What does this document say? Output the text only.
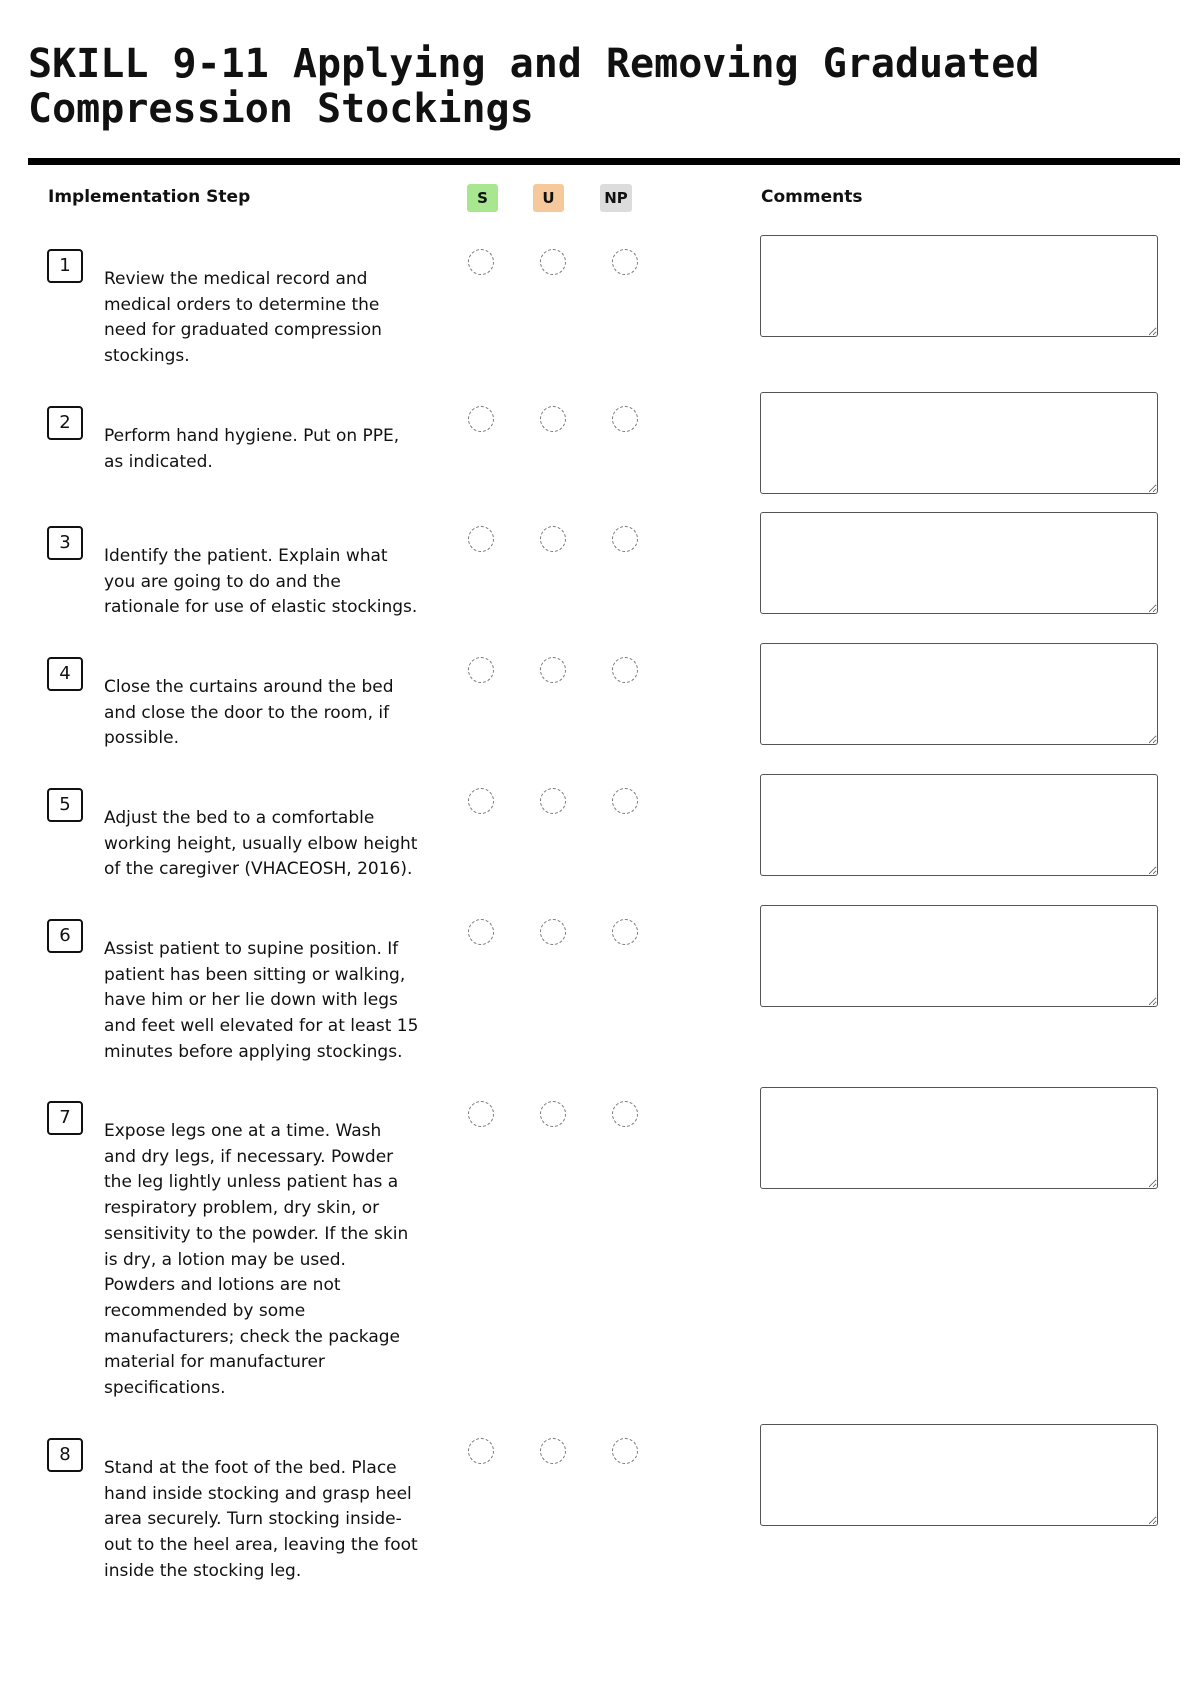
SKILL 9-11 Applying and Removing Graduated Compression Stockings
Implementation Step	S	U	NP	Comments
1

Review the medical record and
medical orders to determine the
need for graduated compression
stockings.

2

Perform hand hygiene. Put on PPE,
as indicated.

3

Identify the patient. Explain what
you are going to do and the
rationale for use of elastic stockings.

4

Close the curtains around the bed
and close the door to the room, if
possible.

5

Adjust the bed to a comfortable
working height, usually elbow height
of the caregiver (VHACEOSH, 2016).

6

Assist patient to supine position. If
patient has been sitting or walking,
have him or her lie down with legs
and feet well elevated for at least 15
minutes before applying stockings.

7

Expose legs one at a time. Wash
and dry legs, if necessary. Powder
the leg lightly unless patient has a
respiratory problem, dry skin, or
sensitivity to the powder. If the skin
is dry, a lotion may be used.
Powders and lotions are not
recommended by some
manufacturers; check the package
material for manufacturer
specifications.

8

Stand at the foot of the bed. Place
hand inside stocking and grasp heel
area securely. Turn stocking inside-
out to the heel area, leaving the foot
inside the stocking leg.
